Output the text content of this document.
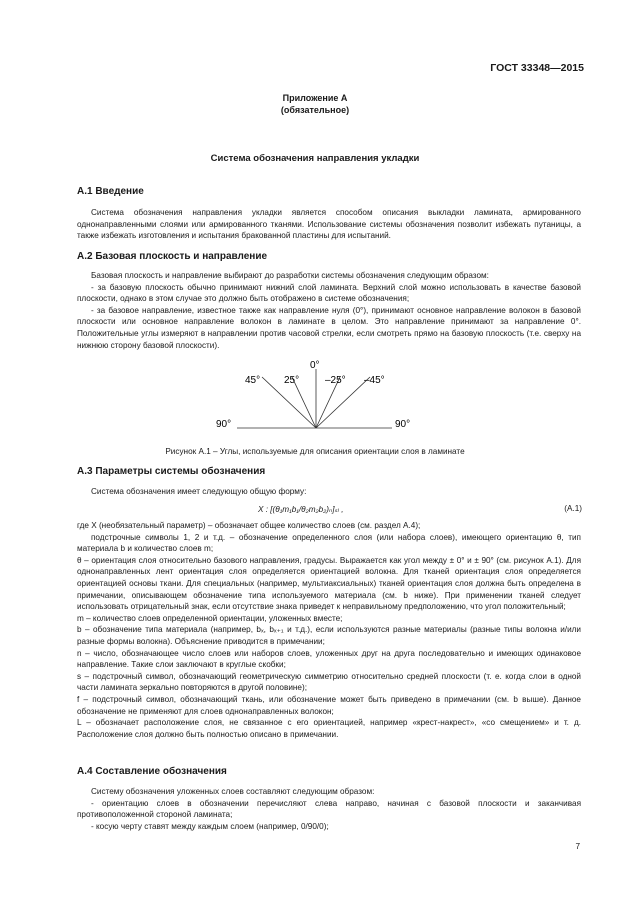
ГОСТ 33348—2015
Приложение А
(обязательное)
Система обозначения направления укладки
А.1 Введение

Система обозначения направления укладки является способом описания выкладки ламината, армированного однонаправленными слоями или армированного тканями. Использование системы обозначения позволит избежать путаницы, а также избежать изготовления и испытания бракованной пластины для испытаний.

А.2 Базовая плоскость и направление

Базовая плоскость и направление выбирают до разработки системы обозначения следующим образом:

- за базовую плоскость обычно принимают нижний слой ламината. Верхний слой можно использовать в качестве базовой плоскости, однако в этом случае это должно быть отображено в системе обозначения;

- за базовое направление, известное также как направление нуля (0°), принимают основное направление волокон в базовой плоскости или основное направление волокон в ламинате в целом. Это направление принимают за направление 0°. Положительные углы измеряют в направлении против часовой стрелки, если смотреть прямо на базовую плоскость (т.е. сверху на нижнюю сторону базовой плоскости).

0°
45° 25°	–25° –45°
90°	90°
Рисунок А.1 – Углы, используемые для описания ориентации слоя в ламинате
А.3 Параметры системы обозначения

Система обозначения имеет следующую общую форму:

X : [(θ₁m₁b₁/θ₂m₂b₂)ₙ]ₛₗ ,	(А.1)

где X (необязательный параметр) – обозначает общее количество слоев (см. раздел А.4);

подстрочные символы 1, 2 и т.д. – обозначение определенного слоя (или набора слоев), имеющего ориентацию θ, тип материала b и количество слоев m;

θ – ориентация слоя относительно базового направления, градусы. Выражается как угол между ± 0° и ± 90° (см. рисунок А.1). Для однонаправленных лент ориентация слоя определяется ориентацией волокна. Для тканей ориентация слоя определяется ориентацией основы ткани. Для специальных (например, мультиаксиальных) тканей ориентация слоя должна быть определена в примечании, описывающем обозначение типа используемого материала (см. b ниже). При применении тканей следует использовать отрицательный знак, если отсутствие знака приведет к неправильному предположению, что угол положительный;

m – количество слоев определенной ориентации, уложенных вместе;

b – обозначение типа материала (например, bₓ, bₓ₊₁ и т.д.), если используются разные материалы (разные типы волокна и/или разные формы волокна). Объяснение приводится в примечании;

n – число, обозначающее число слоев или наборов слоев, уложенных друг на друга последовательно и имеющих одинаковое направление. Такие слои заключают в круглые скобки;

s – подстрочный символ, обозначающий геометрическую симметрию относительно средней плоскости (т. е. когда слои в одной части ламината зеркально повторяются в другой половине);

f – подстрочный символ, обозначающий ткань, или обозначение может быть приведено в примечании (см. b выше). Данное обозначение не применяют для слоев однонаправленных волокон;

L – обозначает расположение слоя, не связанное с его ориентацией, например «крест-накрест», «со смещением» и т. д. Расположение слоя должно быть полностью описано в примечании.

А.4 Составление обозначения

Систему обозначения уложенных слоев составляют следующим образом:

- ориентацию слоев в обозначении перечисляют слева направо, начиная с базовой плоскости и заканчивая противоположенной стороной ламината;

- косую черту ставят между каждым слоем (например, 0/90/0);

7
